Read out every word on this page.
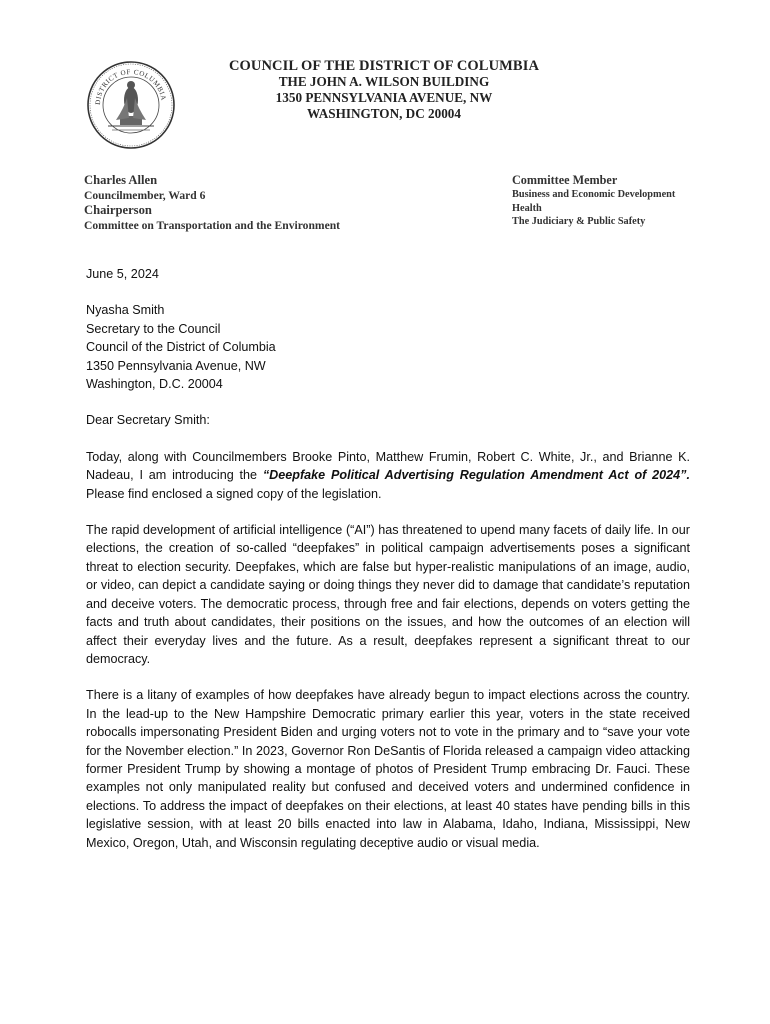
DISTRICT OF COLUMBIA
COUNCIL OF THE DISTRICT OF COLUMBIA
THE JOHN A. WILSON BUILDING
1350 PENNSYLVANIA AVENUE, NW
WASHINGTON, DC 20004
Charles Allen
Councilmember, Ward 6
Chairperson
Committee on Transportation and the Environment
Committee Member
Business and Economic Development
Health
The Judiciary & Public Safety
June 5, 2024
Nyasha Smith
Secretary to the Council
Council of the District of Columbia
1350 Pennsylvania Avenue, NW
Washington, D.C. 20004
Dear Secretary Smith:

Today, along with Councilmembers Brooke Pinto, Matthew Frumin, Robert C. White, Jr., and Brianne K. Nadeau, I am introducing the “Deepfake Political Advertising Regulation Amendment Act of 2024”. Please find enclosed a signed copy of the legislation.

The rapid development of artificial intelligence (“AI”) has threatened to upend many facets of daily life. In our elections, the creation of so-called “deepfakes” in political campaign advertisements poses a significant threat to election security. Deepfakes, which are false but hyper-realistic manipulations of an image, audio, or video, can depict a candidate saying or doing things they never did to damage that candidate’s reputation and deceive voters. The democratic process, through free and fair elections, depends on voters getting the facts and truth about candidates, their positions on the issues, and how the outcomes of an election will affect their everyday lives and the future. As a result, deepfakes represent a significant threat to our democracy.

There is a litany of examples of how deepfakes have already begun to impact elections across the country. In the lead-up to the New Hampshire Democratic primary earlier this year, voters in the state received robocalls impersonating President Biden and urging voters not to vote in the primary and to “save your vote for the November election.” In 2023, Governor Ron DeSantis of Florida released a campaign video attacking former President Trump by showing a montage of photos of President Trump embracing Dr. Fauci. These examples not only manipulated reality but confused and deceived voters and undermined confidence in elections. To address the impact of deepfakes on their elections, at least 40 states have pending bills in this legislative session, with at least 20 bills enacted into law in Alabama, Idaho, Indiana, Mississippi, New Mexico, Oregon, Utah, and Wisconsin regulating deceptive audio or visual media.
